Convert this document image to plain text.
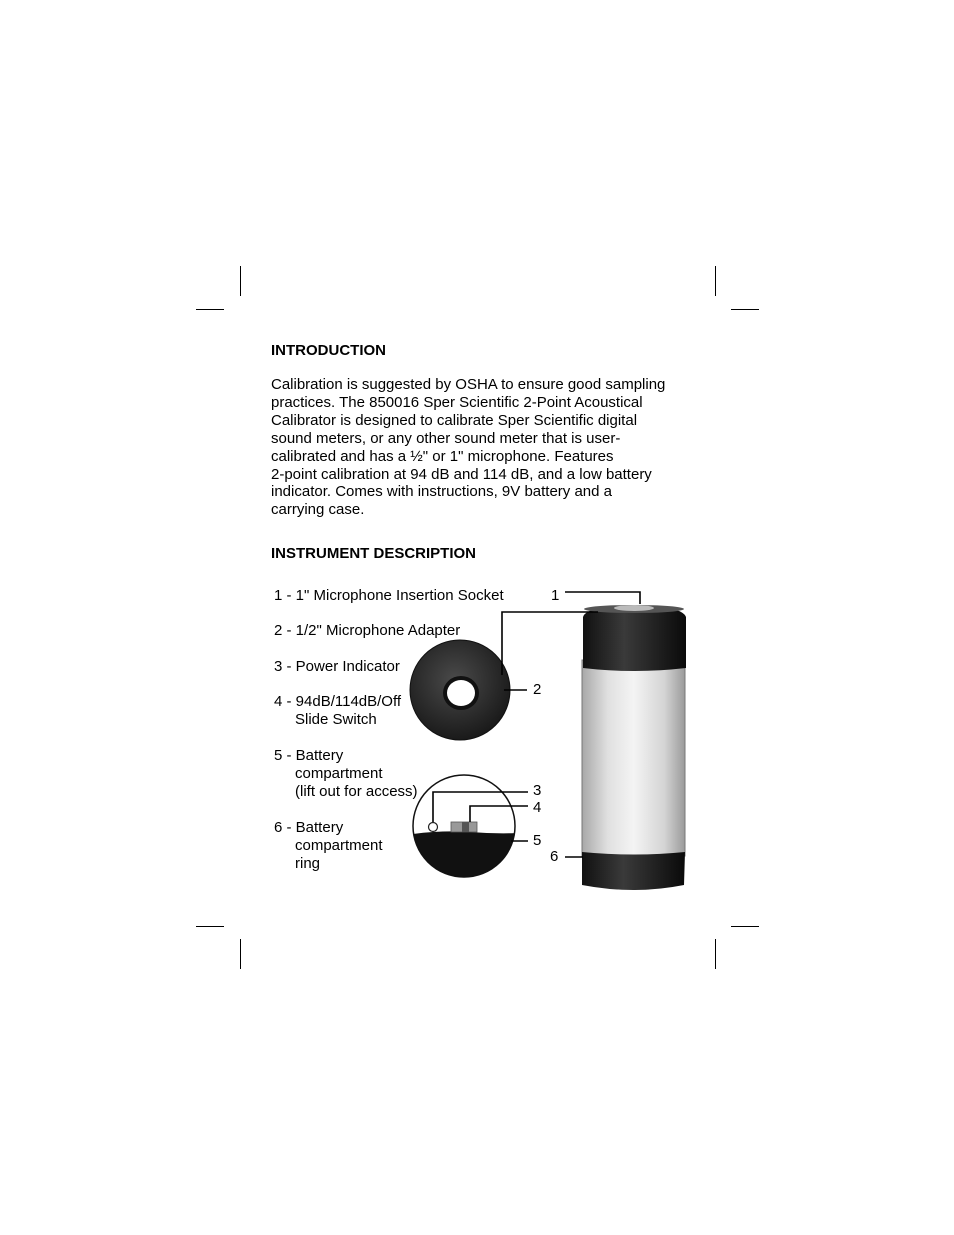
INTRODUCTION

Calibration is suggested by OSHA to ensure good sampling
practices. The 850016 Sper Scientific 2-Point Acoustical
Calibrator is designed to calibrate Sper Scientific digital
sound meters, or any other sound meter that is user-
calibrated and has a ½" or 1" microphone. Features
2-point calibration at 94 dB and 114 dB, and a low battery
indicator. Comes with instructions, 9V battery and a
carrying case.

INSTRUMENT DESCRIPTION
1 - 1" Microphone Insertion Socket
2 - 1/2" Microphone Adapter
3 - Power Indicator
4 - 94dB/114dB/Off
Slide Switch
5 - Battery
compartment
(lift out for access)
6 - Battery
compartment
ring
1
2
3
4
5
6
